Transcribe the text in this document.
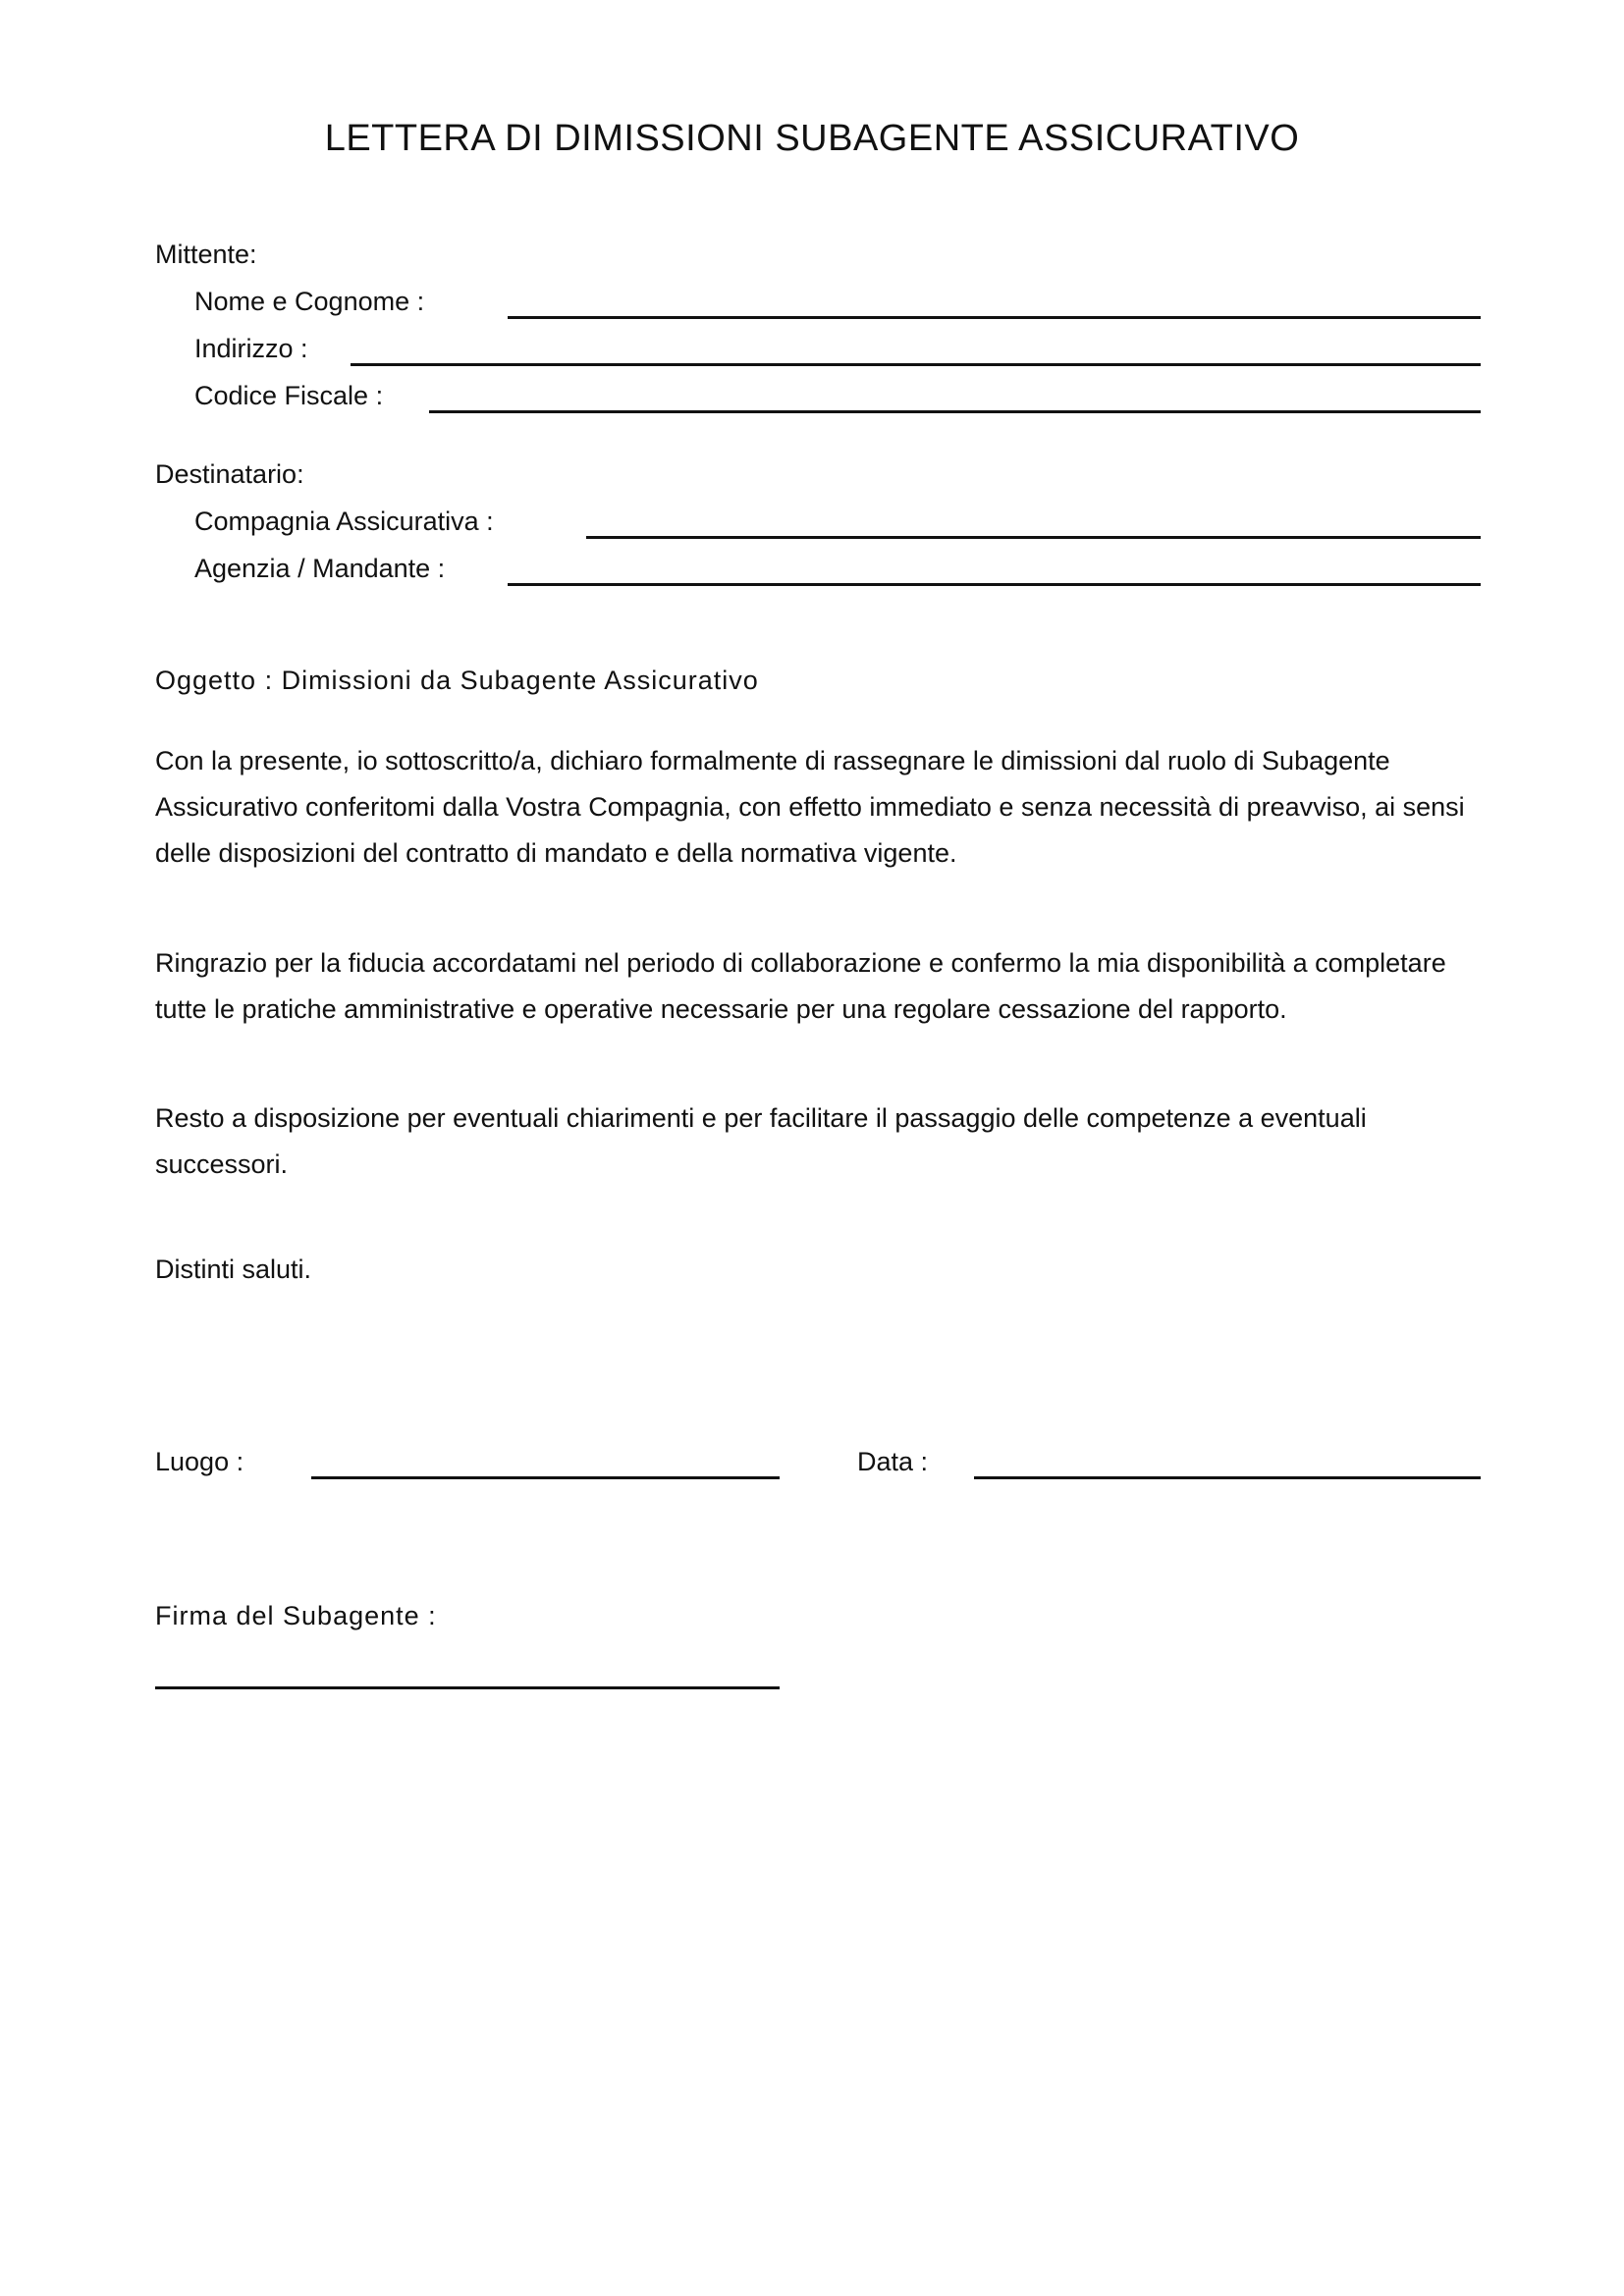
LETTERA DI DIMISSIONI SUBAGENTE ASSICURATIVO
Mittente:
Nome e Cognome :
Indirizzo :
Codice Fiscale :
Destinatario:
Compagnia Assicurativa :
Agenzia / Mandante :
Oggetto : Dimissioni da Subagente Assicurativo

Con la presente, io sottoscritto/a, dichiaro formalmente di rassegnare le dimissioni dal ruolo di Subagente Assicurativo conferitomi dalla Vostra Compagnia, con effetto immediato e senza necessità di preavviso, ai sensi delle disposizioni del contratto di mandato e della normativa vigente.

Ringrazio per la fiducia accordatami nel periodo di collaborazione e confermo la mia disponibilità a completare tutte le pratiche amministrative e operative necessarie per una regolare cessazione del rapporto.

Resto a disposizione per eventuali chiarimenti e per facilitare il passaggio delle competenze a eventuali successori.

Distinti saluti.
Luogo :	Data :
Firma del Subagente :
